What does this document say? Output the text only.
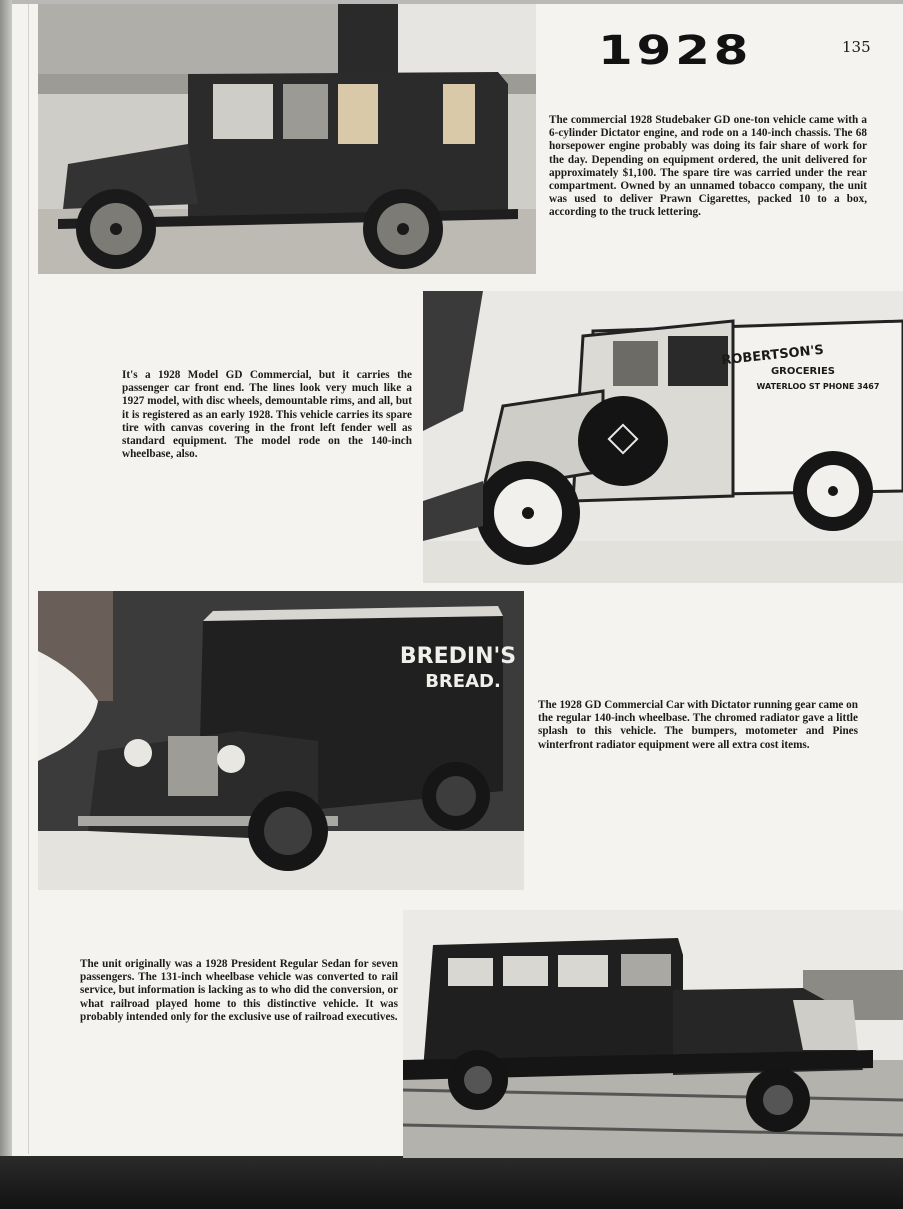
1928	135

The commercial 1928 Studebaker GD one-ton vehicle came with a 6-cylinder Dictator engine, and rode on a 140-inch chassis. The 68 horsepower engine probably was doing its fair share of work for the day. Depending on equipment ordered, the unit delivered for approximately $1,100. The spare tire was carried under the rear compartment. Owned by an unnamed tobacco company, the unit was used to deliver Prawn Cigarettes, packed 10 to a box, according to the truck lettering.

ROBERTSON'S
GROCERIES
WATERLOO ST PHONE 3467

It's a 1928 Model GD Commercial, but it carries the passenger car front end. The lines look very much like a 1927 model, with disc wheels, demountable rims, and all, but it is registered as an early 1928. This vehicle carries its spare tire with canvas covering in the front left fender well as standard equipment. The model rode on the 140-inch wheelbase, also.

BREDIN'S
BREAD.

The 1928 GD Commercial Car with Dictator running gear came on the regular 140-inch wheelbase. The chromed radiator gave a little splash to this vehicle. The bumpers, motometer and Pines winterfront radiator equipment were all extra cost items.

The unit originally was a 1928 President Regular Sedan for seven passengers. The 131-inch wheelbase vehicle was converted to rail service, but information is lacking as to who did the conversion, or what railroad played home to this distinctive vehicle. It was probably intended only for the exclusive use of railroad executives.
